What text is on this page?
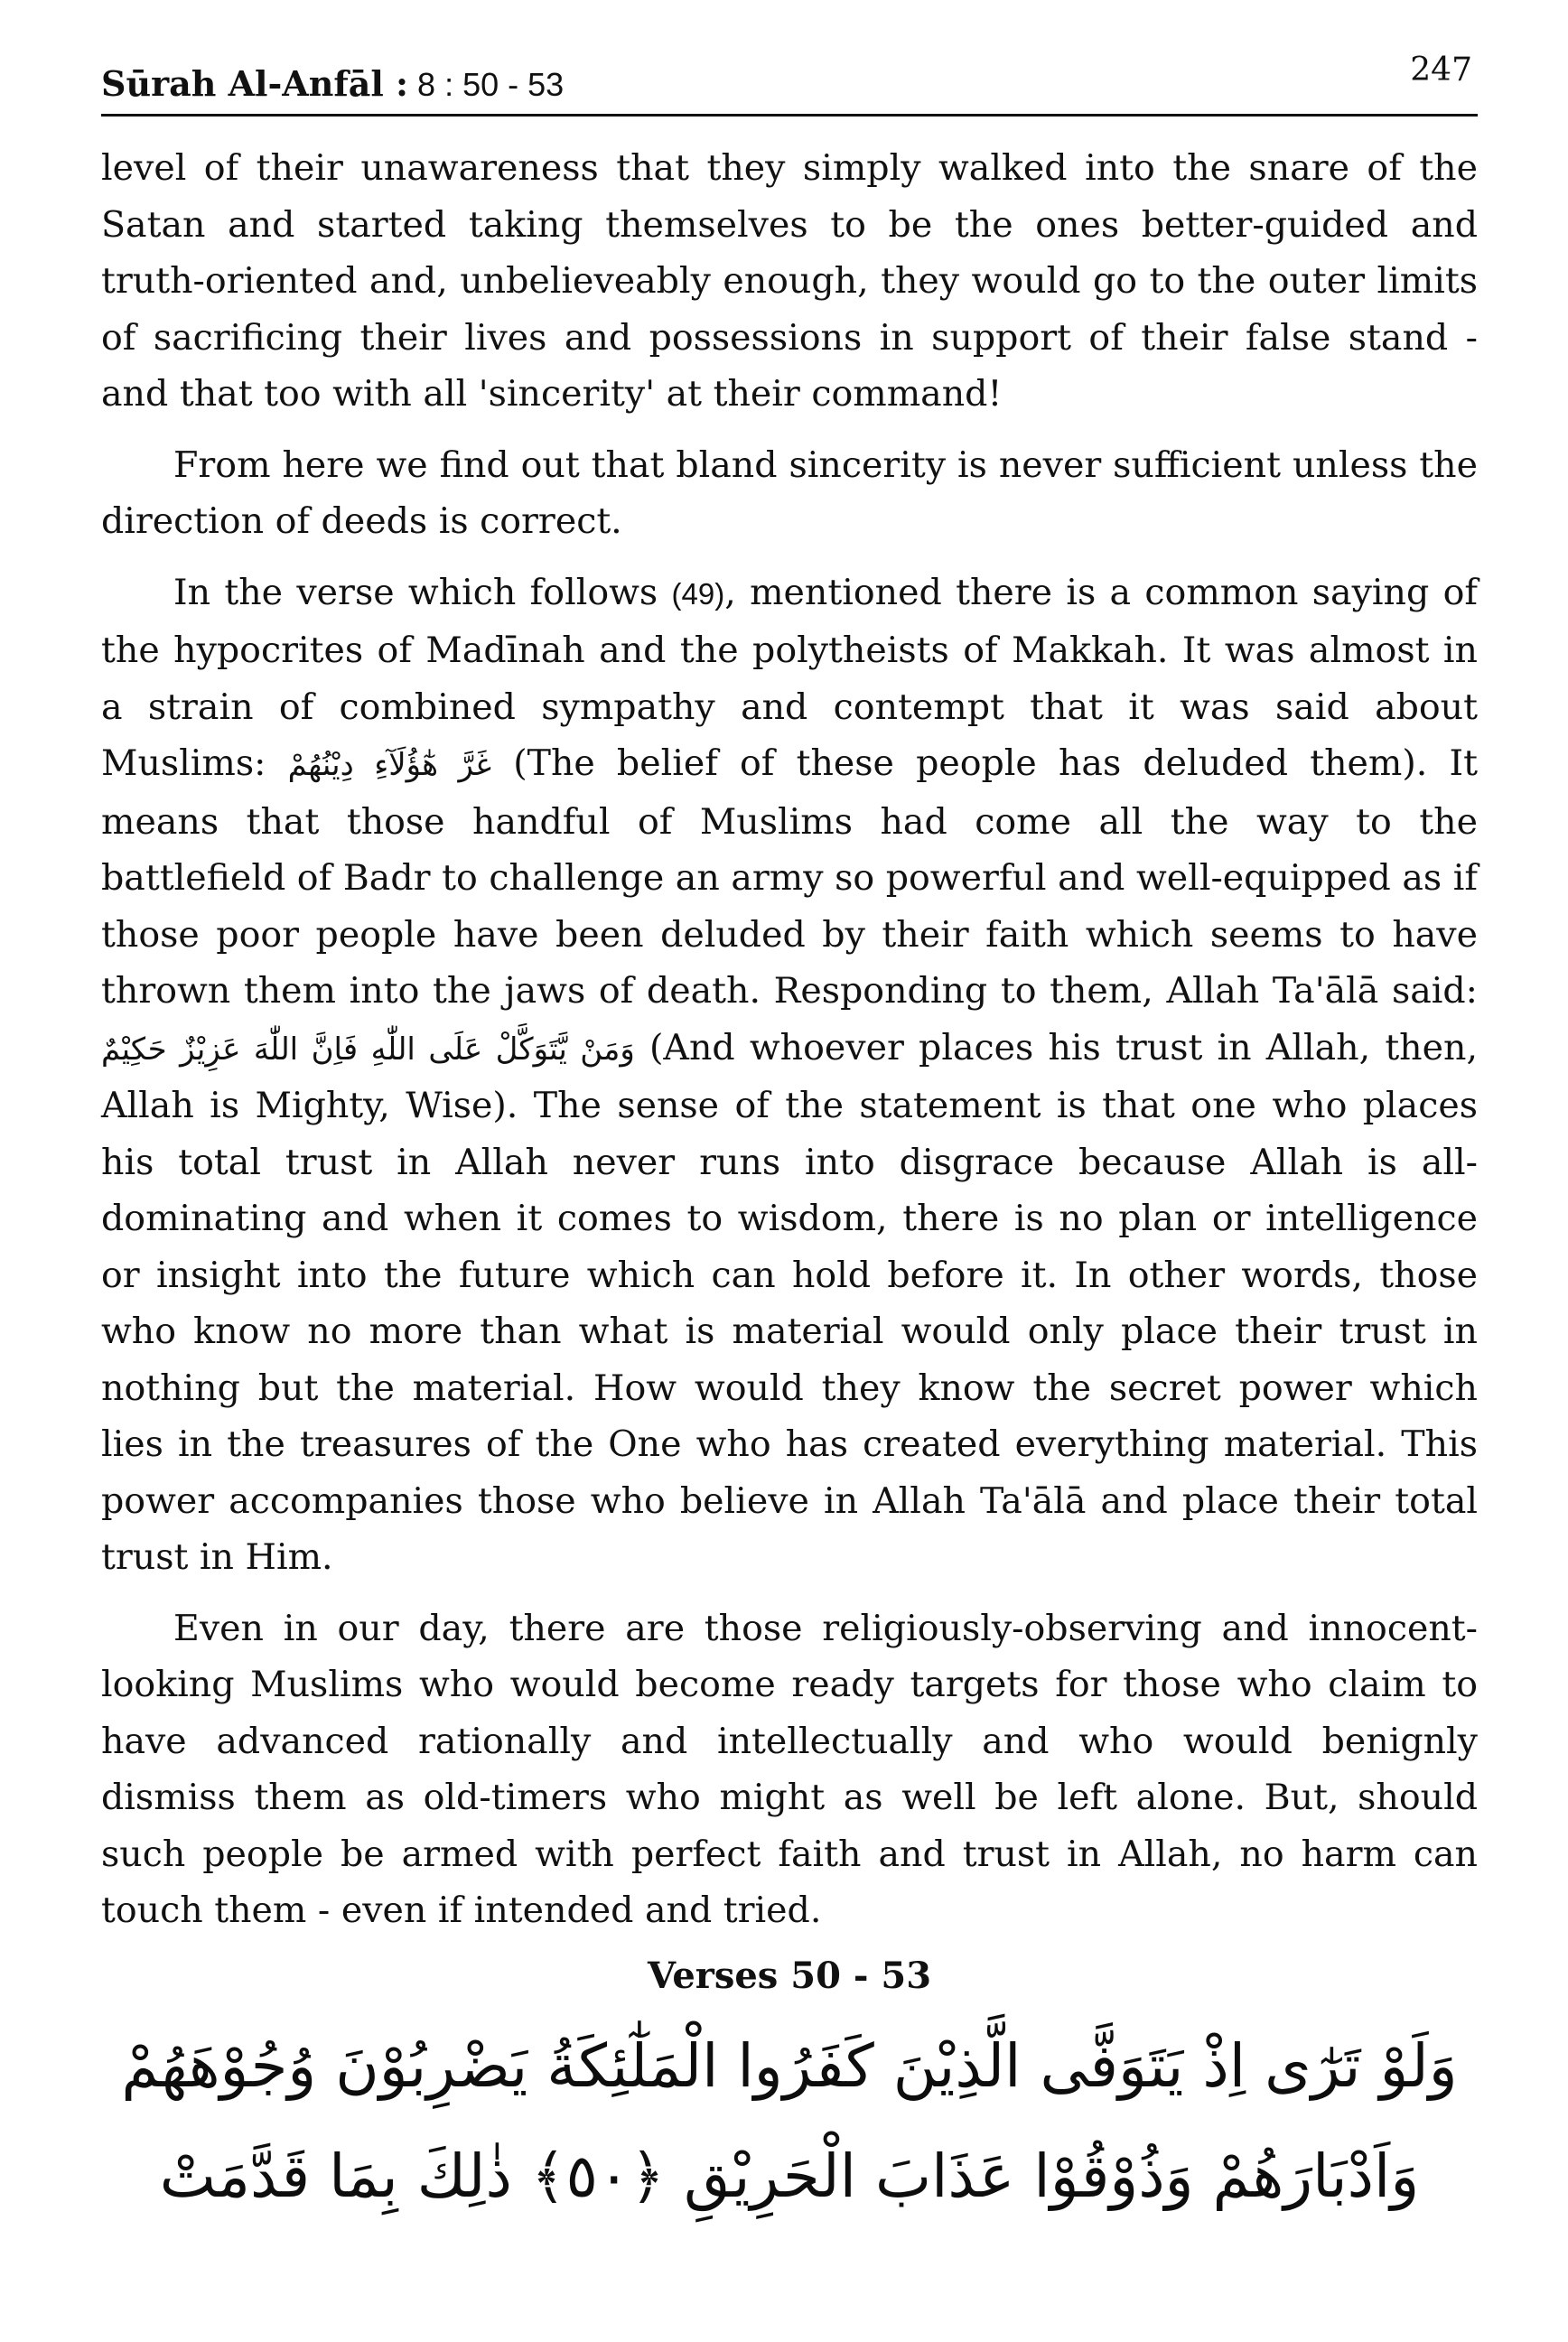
Sūrah Al-Anfāl : 8 : 50 - 53	247

level of their unawareness that they simply walked into the snare of the Satan and started taking themselves to be the ones better-guided and truth-oriented and, unbelieveably enough, they would go to the outer limits of sacrificing their lives and possessions in support of their false stand - and that too with all 'sincerity' at their command!

From here we find out that bland sincerity is never sufficient unless the direction of deeds is correct.

In the verse which follows (49), mentioned there is a common saying of the hypocrites of Madīnah and the polytheists of Makkah. It was almost in a strain of combined sympathy and contempt that it was said about Muslims: غَرَّ هٰٓؤُلَآءِ دِيْنُهُمْ (The belief of these people has deluded them). It means that those handful of Muslims had come all the way to the battlefield of Badr to challenge an army so powerful and well-equipped as if those poor people have been deluded by their faith which seems to have thrown them into the jaws of death. Responding to them, Allah Ta'ālā said: وَمَنْ يَّتَوَكَّلْ عَلَى اللّٰهِ فَاِنَّ اللّٰهَ عَزِيْزٌ حَكِيْمٌ (And whoever places his trust in Allah, then, Allah is Mighty, Wise). The sense of the statement is that one who places his total trust in Allah never runs into disgrace because Allah is all-dominating and when it comes to wisdom, there is no plan or intelligence or insight into the future which can hold before it. In other words, those who know no more than what is material would only place their trust in nothing but the material. How would they know the secret power which lies in the treasures of the One who has created everything material. This power accompanies those who believe in Allah Ta'ālā and place their total trust in Him.

Even in our day, there are those religiously-observing and innocent-looking Muslims who would become ready targets for those who claim to have advanced rationally and intellectually and who would benignly dismiss them as old-timers who might as well be left alone. But, should such people be armed with perfect faith and trust in Allah, no harm can touch them - even if intended and tried.

Verses 50 - 53
وَلَوْ تَرٰٓى اِذْ يَتَوَفَّى الَّذِيْنَ كَفَرُوا الْمَلٰٓئِكَةُ يَضْرِبُوْنَ وُجُوْهَهُمْ
وَاَدْبَارَهُمْ وَذُوْقُوْا عَذَابَ الْحَرِيْقِ ﴿٥٠﴾ ذٰلِكَ بِمَا قَدَّمَتْ
